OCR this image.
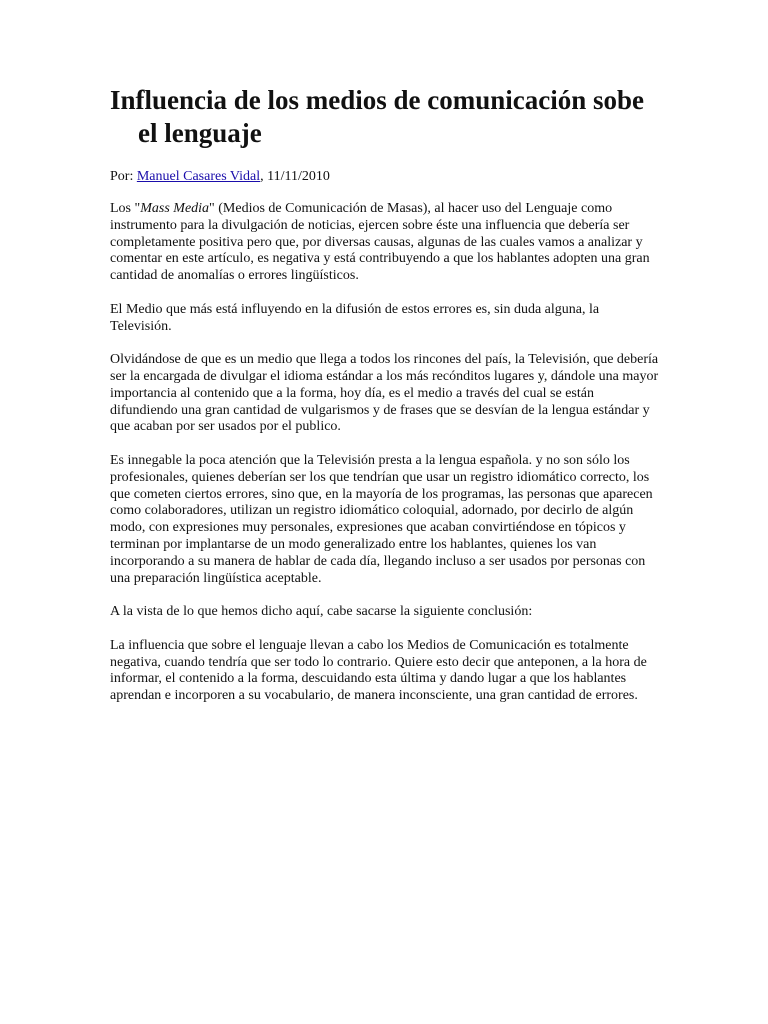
Influencia de los medios de comunicación sobe el lenguaje
Por: Manuel Casares Vidal, 11/11/2010

Los "Mass Media" (Medios de Comunicación de Masas), al hacer uso del Lenguaje como instrumento para la divulgación de noticias, ejercen sobre éste una influencia que debería ser completamente positiva pero que, por diversas causas, algunas de las cuales vamos a analizar y comentar en este artículo, es negativa y está contribuyendo a que los hablantes adopten una gran cantidad de anomalías o errores lingüísticos.

El Medio que más está influyendo en la difusión de estos errores es, sin duda alguna, la Televisión.

Olvidándose de que es un medio que llega a todos los rincones del país, la Televisión, que debería ser la encargada de divulgar el idioma estándar a los más recónditos lugares y, dándole una mayor importancia al contenido que a la forma, hoy día, es el medio a través del cual se están difundiendo una gran cantidad de vulgarismos y de frases que se desvían de la lengua estándar y que acaban por ser usados por el publico.

Es innegable la poca atención que la Televisión presta a la lengua española. y no son sólo los profesionales, quienes deberían ser los que tendrían que usar un registro idiomático correcto, los que cometen ciertos errores, sino que, en la mayoría de los programas, las personas que aparecen como colaboradores, utilizan un registro idiomático coloquial, adornado, por decirlo de algún modo, con expresiones muy personales, expresiones que acaban convirtiéndose en tópicos y terminan por implantarse de un modo generalizado entre los hablantes, quienes los van incorporando a su manera de hablar de cada día, llegando incluso a ser usados por personas con una preparación lingüística aceptable.

A la vista de lo que hemos dicho aquí, cabe sacarse la siguiente conclusión:

La influencia que sobre el lenguaje llevan a cabo los Medios de Comunicación es totalmente negativa, cuando tendría que ser todo lo contrario. Quiere esto decir que anteponen, a la hora de informar, el contenido a la forma, descuidando esta última y dando lugar a que los hablantes aprendan e incorporen a su vocabulario, de manera inconsciente, una gran cantidad de errores.
